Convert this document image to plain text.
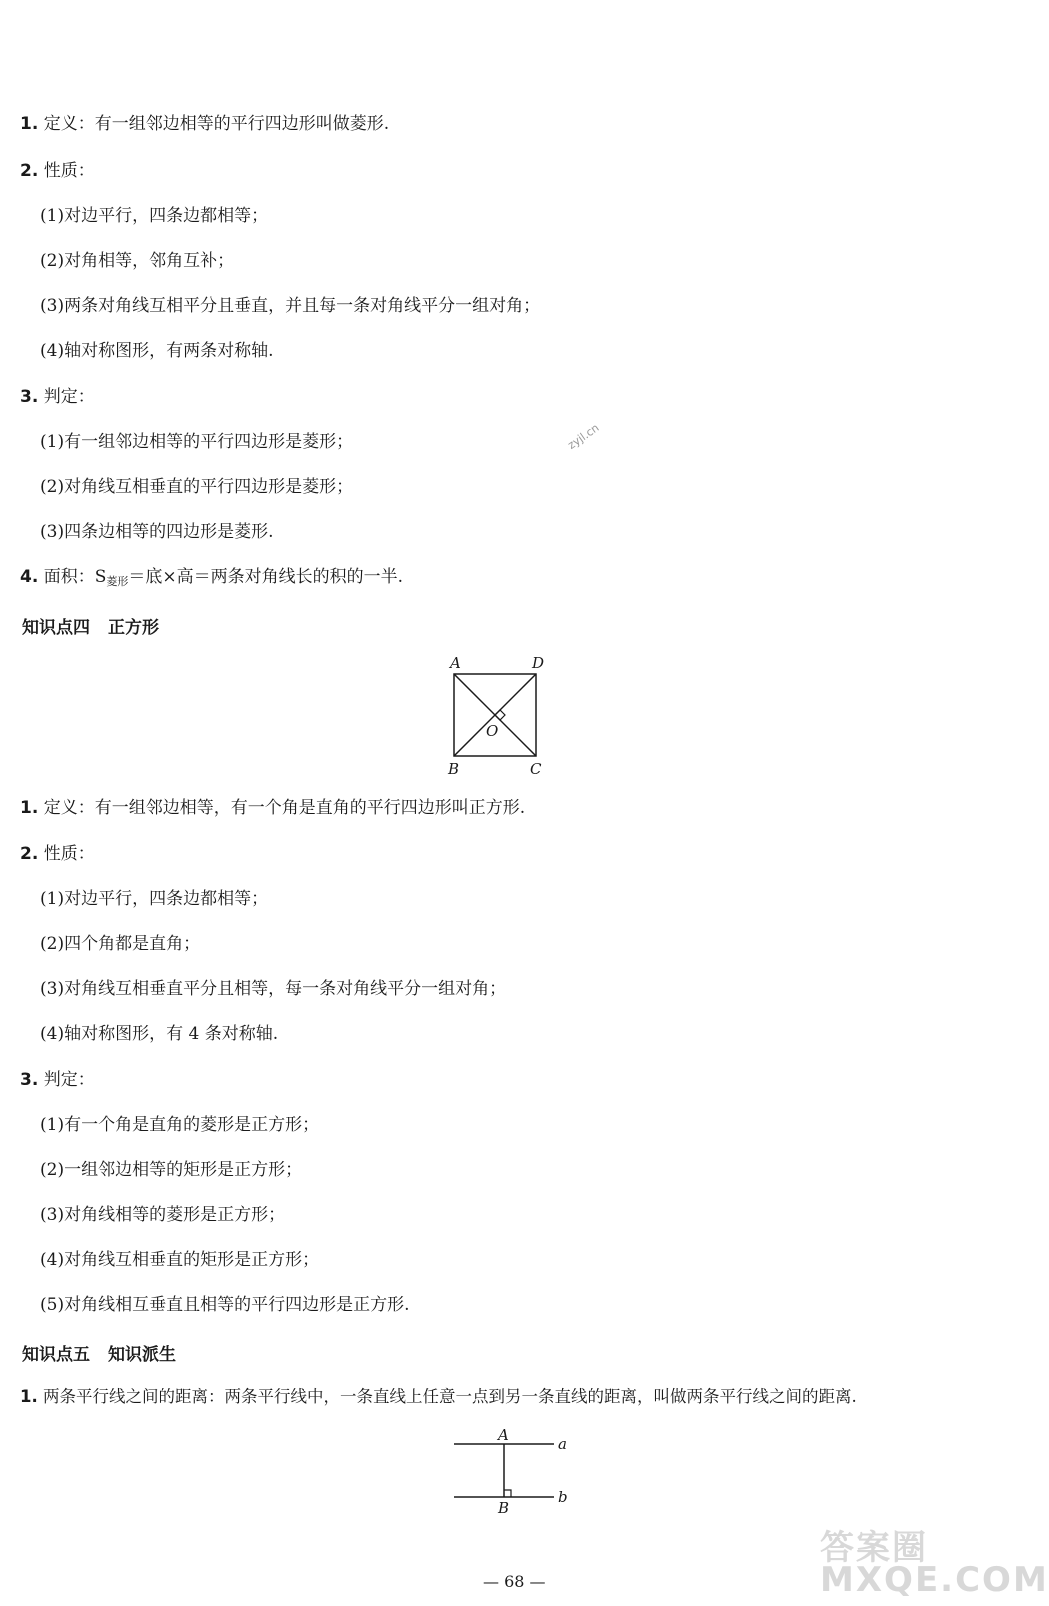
1. 定义：有一组邻边相等的平行四边形叫做菱形.
2. 性质：
(1)对边平行，四条边都相等；
(2)对角相等，邻角互补；
(3)两条对角线互相平分且垂直，并且每一条对角线平分一组对角；
(4)轴对称图形，有两条对称轴.
3. 判定：
(1)有一组邻边相等的平行四边形是菱形；
(2)对角线互相垂直的平行四边形是菱形；
(3)四条边相等的四边形是菱形.
4. 面积：S菱形＝底×高＝两条对角线长的积的一半.
zyjl.cn
知识点四 正方形
A	D
O
B	C
1. 定义：有一组邻边相等，有一个角是直角的平行四边形叫正方形.
2. 性质：
(1)对边平行，四条边都相等；
(2)四个角都是直角；
(3)对角线互相垂直平分且相等，每一条对角线平分一组对角；
(4)轴对称图形，有 4 条对称轴.
3. 判定：
(1)有一个角是直角的菱形是正方形；
(2)一组邻边相等的矩形是正方形；
(3)对角线相等的菱形是正方形；
(4)对角线互相垂直的矩形是正方形；
(5)对角线相互垂直且相等的平行四边形是正方形.
知识点五 知识派生
1. 两条平行线之间的距离：两条平行线中，一条直线上任意一点到另一条直线的距离，叫做两条平行线之间的距离.
A	a
B
b
— 68 —
答案圈
MXQE.COM
